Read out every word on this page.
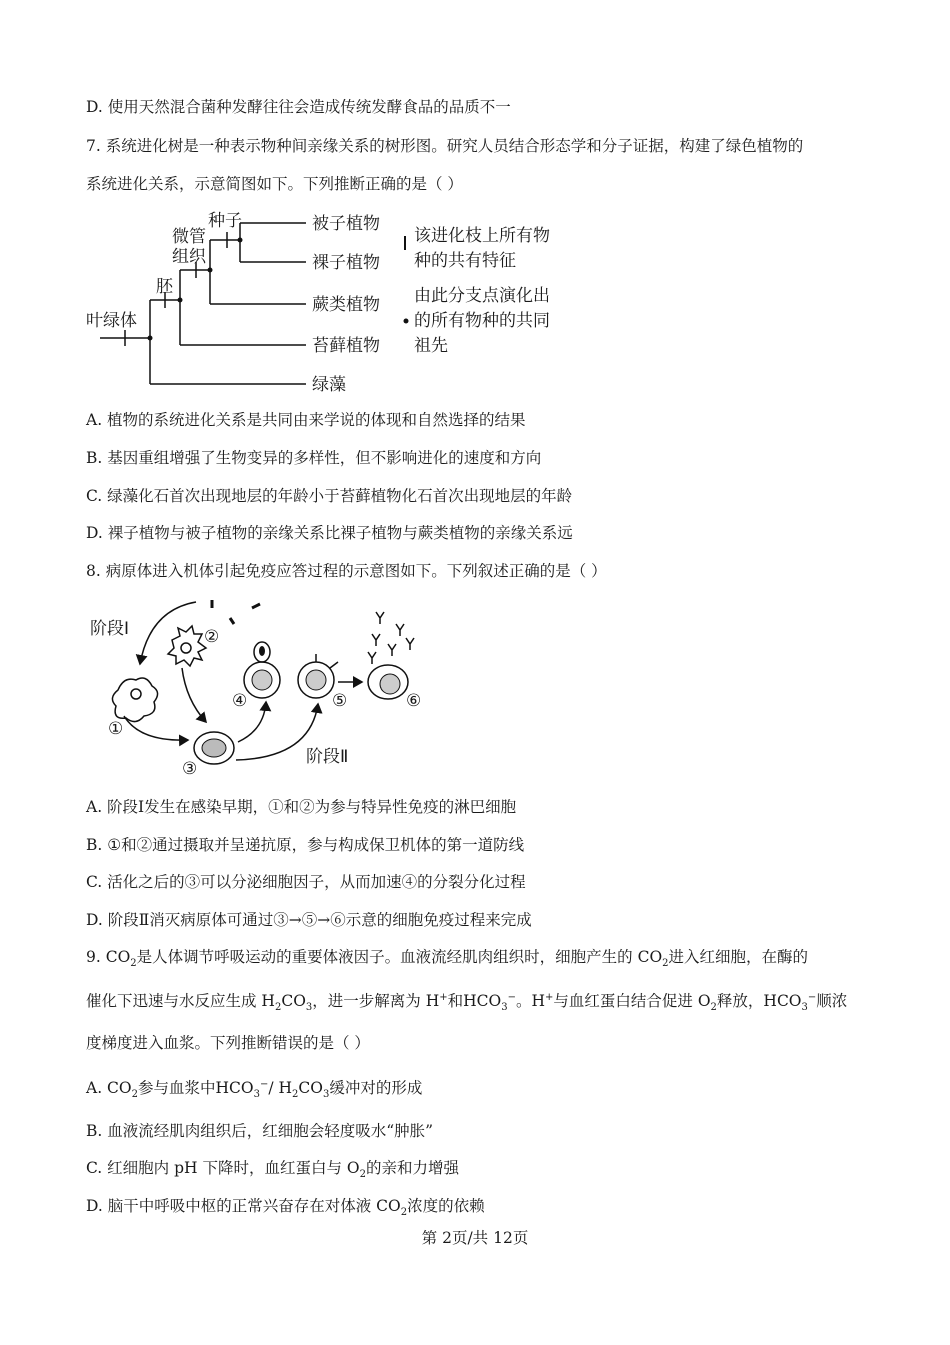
D. 使用天然混合菌种发酵往往会造成传统发酵食品的品质不一
7. 系统进化树是一种表示物种间亲缘关系的树形图。研究人员结合形态学和分子证据，构建了绿色植物的
系统进化关系，示意简图如下。下列推断正确的是（ ）
种子
微管
组织
胚
叶绿体
被子植物
裸子植物
蕨类植物
苔藓植物
绿藻
该进化枝上所有物
种的共有特征
由此分支点演化出
的所有物种的共同
祖先
A. 植物的系统进化关系是共同由来学说的体现和自然选择的结果
B. 基因重组增强了生物变异的多样性，但不影响进化的速度和方向
C. 绿藻化石首次出现地层的年龄小于苔藓植物化石首次出现地层的年龄
D. 裸子植物与被子植物的亲缘关系比裸子植物与蕨类植物的亲缘关系远
8. 病原体进入机体引起免疫应答过程的示意图如下。下列叙述正确的是（ ）
阶段Ⅰ
阶段Ⅱ
①
②
③
④	⑤	⑥
A. 阶段Ⅰ发生在感染早期，①和②为参与特异性免疫的淋巴细胞
B. ①和②通过摄取并呈递抗原，参与构成保卫机体的第一道防线
C. 活化之后的③可以分泌细胞因子，从而加速④的分裂分化过程
D. 阶段Ⅱ消灭病原体可通过③→⑤→⑥示意的细胞免疫过程来完成
9. $CO_2$是人体调节呼吸运动的重要体液因子。血液流经肌肉组织时，细胞产生的 $CO_2$进入红细胞，在酶的
催化下迅速与水反应生成 $H_2CO_3$，进一步解离为 H+和$HCO_3^-$。H+与血红蛋白结合促进 $O_2$释放，$HCO_3^-$顺浓
度梯度进入血浆。下列推断错误的是（ ）
A. $CO_2$参与血浆中$HCO_3^-/$ $H_2CO_3$缓冲对的形成
B. 血液流经肌肉组织后，红细胞会轻度吸水“肿胀”
C. 红细胞内 pH 下降时，血红蛋白与 $O_2$的亲和力增强
D. 脑干中呼吸中枢的正常兴奋存在对体液 $CO_2$浓度的依赖
第 2页/共 12页
